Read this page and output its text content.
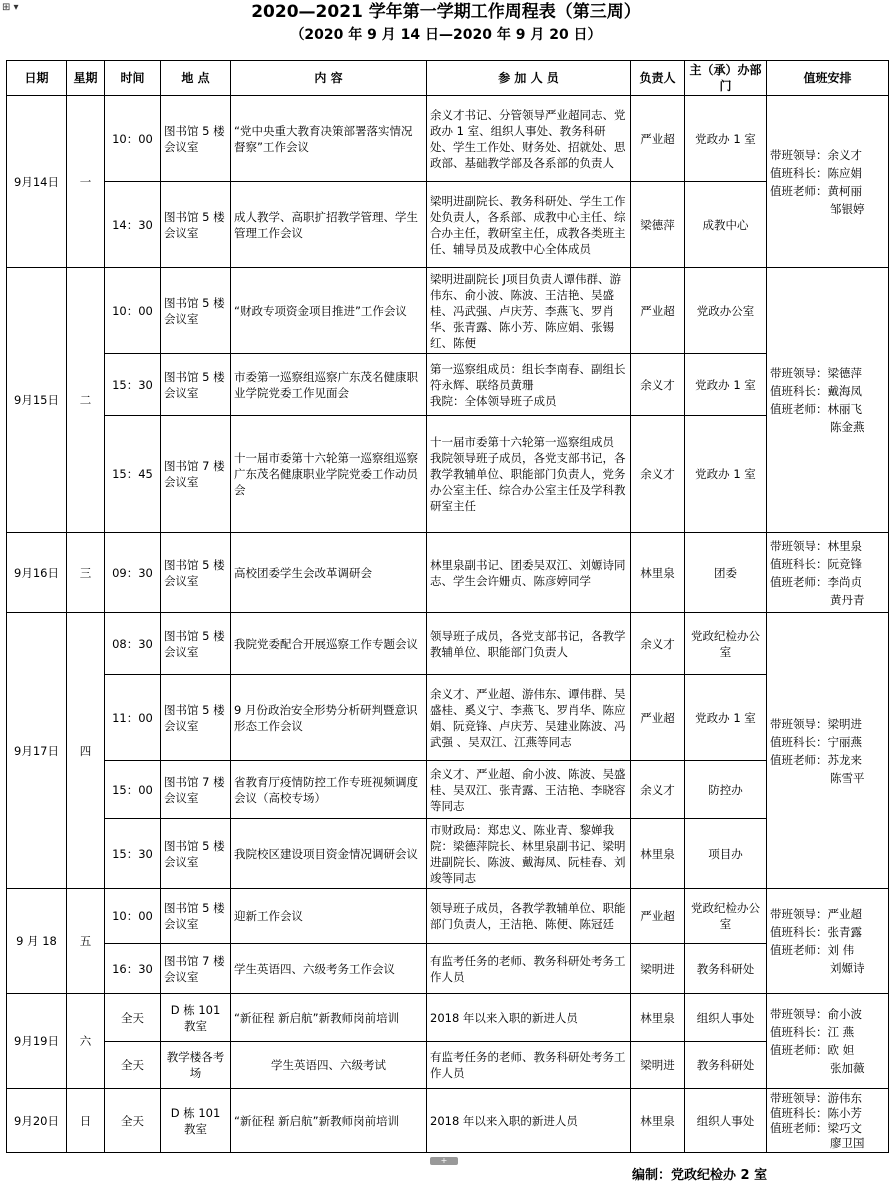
⊞ ▾	2020—2021 学年第一学期工作周程表（第三周）
（2020 年 9 月 14 日—2020 年 9 月 20 日）
日期	星期	时间	地 点	内 容	参 加 人 员	负责人	主（承）办部 门	值班安排
9月14日	一	10：00	图书馆 5 楼会议室	“党中央重大教育决策部署落实情况督察”工作会议	余义才书记、分管领导严业超同志、党政办 1 室、组织人事处、教务科研处、学生工作处、财务处、招就处、思政部、基础教学部及各系部的负责人	严业超	党政办 1 室	带班领导：余义才
值班科长：陈应娟
值班老师：黄柯丽
邹银婷

		14：30	图书馆 5 楼会议室	成人教学、高职扩招教学管理、学生管理工作会议	梁明进副院长、教务科研处、学生工作处负责人，各系部、成教中心主任、综合办主任，教研室主任，成教各类班主任、辅导员及成教中心全体成员	梁德萍	成教中心	
9月15日	二	10：00	图书馆 5 楼会议室	“财政专项资金项目推进”工作会议	梁明进副院长 J项目负责人谭伟群、游伟东、俞小波、陈波、王洁艳、吴盛桂、冯武强、卢庆芳、李燕飞、罗肖华、张青露、陈小芳、陈应娟、张锡红、陈便	严业超	党政办公室	带班领导：梁德萍
值班科长：戴海凤
值班老师：林丽飞
陈金燕

		15：30	图书馆 5 楼会议室	市委第一巡察组巡察广东茂名健康职业学院党委工作见面会	第一巡察组成员：组长李南春、副组长符永辉、联络员黄珊
我院：全体领导班子成员	余义才	党政办 1 室	
		15：45	图书馆 7 楼会议室	十一届市委第十六轮第一巡察组巡察广东茂名健康职业学院党委工作动员会	十一届市委第十六轮第一巡察组成员
我院领导班子成员，各党支部书记，各教学教辅单位、职能部门负责人，党务办公室主任、综合办公室主任及学科教研室主任	余义才	党政办 1 室	
9月16日	三	09：30	图书馆 5 楼会议室	高校团委学生会改革调研会	林里泉副书记、团委吴双江、刘嫄诗同志、学生会许姗贞、陈彦婷同学	林里泉	团委	带班领导：林里泉
值班科长：阮竞锋
值班老师：李尚贞
黄丹青

9月17日	四	08：30	图书馆 5 楼会议室	我院党委配合开展巡察工作专题会议	领导班子成员，各党支部书记，各教学教辅单位、职能部门负责人	余义才	党政纪检办公室	带班领导：梁明进
值班科长：宁丽燕
值班老师：苏龙来
陈雪平

		11：00	图书馆 5 楼会议室	9 月份政治安全形势分析研判暨意识形态工作会议	余义才、严业超、游伟东、谭伟群、吴盛桂、奚义宁、李燕飞、罗肖华、陈应娟、阮竞锋、卢庆芳、吴建业陈波、冯武强 、吴双江、江燕等同志	严业超	党政办 1 室	
		15：00	图书馆 7 楼会议室	省教育厅疫情防控工作专班视频调度会议（高校专场）	余义才、严业超、俞小波、陈波、吴盛桂、吴双江、张青露、王洁艳、李晓容等同志	余义才	防控办	
		15：30	图书馆 5 楼会议室	我院校区建设项目资金情况调研会议	市财政局：郑忠义、陈业青、黎婵我院：梁德萍院长、林里泉副书记、梁明进副院长、陈波、戴海凤、阮桂春、刘竣等同志	林里泉	项目办	
9 月 18	五	10：00	图书馆 5 楼会议室	迎新工作会议	领导班子成员，各教学教辅单位、职能部门负责人，王洁艳、陈便、陈冠廷	严业超	党政纪检办公室	带班领导：严业超
值班科长：张青露
值班老师：刘 伟
刘嫄诗

		16：30	图书馆 7 楼会议室	学生英语四、六级考务工作会议	有监考任务的老师、教务科研处考务工作人员	梁明进	教务科研处	
9月19日	六	全天	D 栋 101 教室	“新征程 新启航”新教师岗前培训	2018 年以来入职的新进人员	林里泉	组织人事处	带班领导：俞小波
值班科长：江 燕
值班老师：欧 妲
张加薇

		全天	教学楼各考场	学生英语四、六级考试	有监考任务的老师、教务科研处考务工作人员	梁明进	教务科研处	
9月20日	日	全天	D 栋 101 教室	“新征程 新启航”新教师岗前培训	2018 年以来入职的新进人员	林里泉	组织人事处	带班领导：游伟东
值班科长：陈小芳
值班老师：梁巧文
廖卫国
+
编制：党政纪检办 2 室
